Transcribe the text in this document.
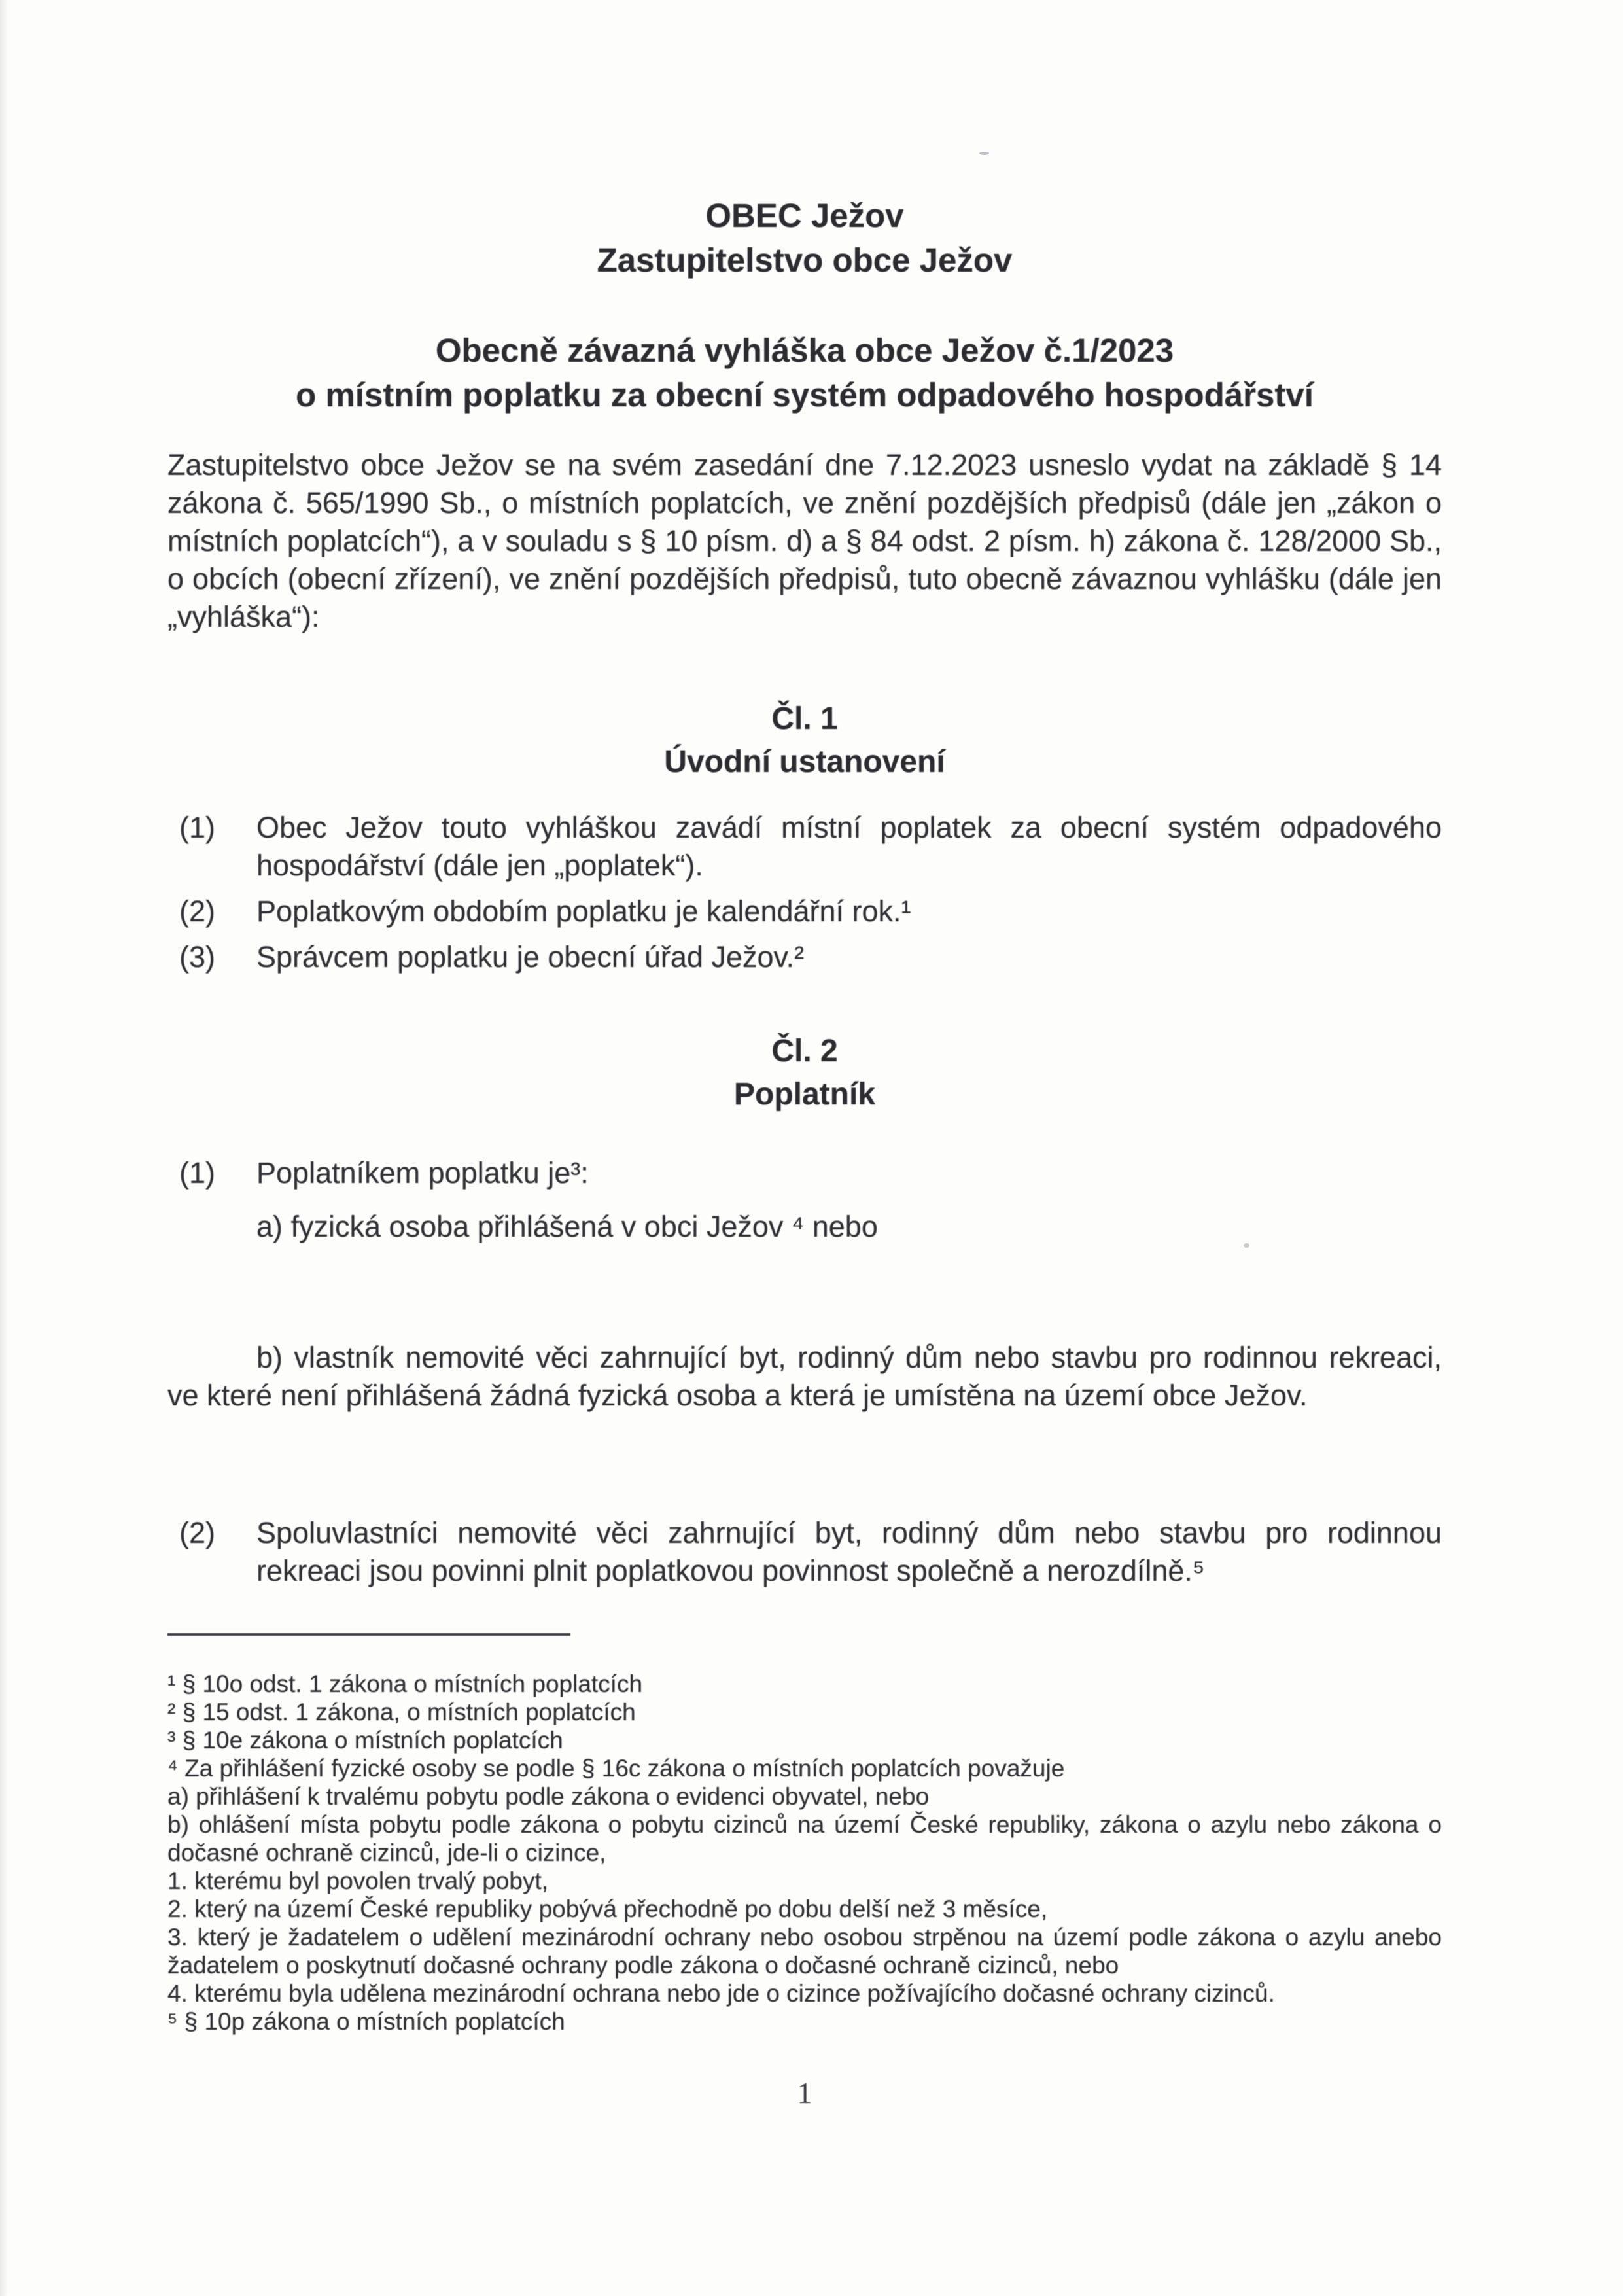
OBEC Ježov
Zastupitelstvo obce Ježov
Obecně závazná vyhláška obce Ježov č.1/2023
o místním poplatku za obecní systém odpadového hospodářství

Zastupitelstvo obce Ježov se na svém zasedání dne 7.12.2023 usneslo vydat na základě § 14 zákona č. 565/1990 Sb., o místních poplatcích, ve znění pozdějších předpisů (dále jen „zákon o místních poplatcích“), a v souladu s § 10 písm. d) a § 84 odst. 2 písm. h) zákona č. 128/2000 Sb., o obcích (obecní zřízení), ve znění pozdějších předpisů, tuto obecně závaznou vyhlášku (dále jen „vyhláška“):

Čl. 1
Úvodní ustanovení
(1)	Obec Ježov touto vyhláškou zavádí místní poplatek za obecní systém odpadového hospodářství (dále jen „poplatek“).
(2)	Poplatkovým obdobím poplatku je kalendářní rok.¹
(3)	Správcem poplatku je obecní úřad Ježov.²
Čl. 2
Poplatník
(1)	Poplatníkem poplatku je³:

a) fyzická osoba přihlášená v obci Ježov ⁴ nebo

b) vlastník nemovité věci zahrnující byt, rodinný dům nebo stavbu pro rodinnou rekreaci, ve které není přihlášená žádná fyzická osoba a která je umístěna na území obce Ježov.

(2)	Spoluvlastníci nemovité věci zahrnující byt, rodinný dům nebo stavbu pro rodinnou rekreaci jsou povinni plnit poplatkovou povinnost společně a nerozdílně.⁵

¹ § 10o odst. 1 zákona o místních poplatcích

² § 15 odst. 1 zákona, o místních poplatcích

³ § 10e zákona o místních poplatcích

⁴ Za přihlášení fyzické osoby se podle § 16c zákona o místních poplatcích považuje

a) přihlášení k trvalému pobytu podle zákona o evidenci obyvatel, nebo

b) ohlášení místa pobytu podle zákona o pobytu cizinců na území České republiky, zákona o azylu nebo zákona o dočasné ochraně cizinců, jde-li o cizince,

1. kterému byl povolen trvalý pobyt,

2. který na území České republiky pobývá přechodně po dobu delší než 3 měsíce,

3. který je žadatelem o udělení mezinárodní ochrany nebo osobou strpěnou na území podle zákona o azylu anebo žadatelem o poskytnutí dočasné ochrany podle zákona o dočasné ochraně cizinců, nebo

4. kterému byla udělena mezinárodní ochrana nebo jde o cizince požívajícího dočasné ochrany cizinců.

⁵ § 10p zákona o místních poplatcích

1
